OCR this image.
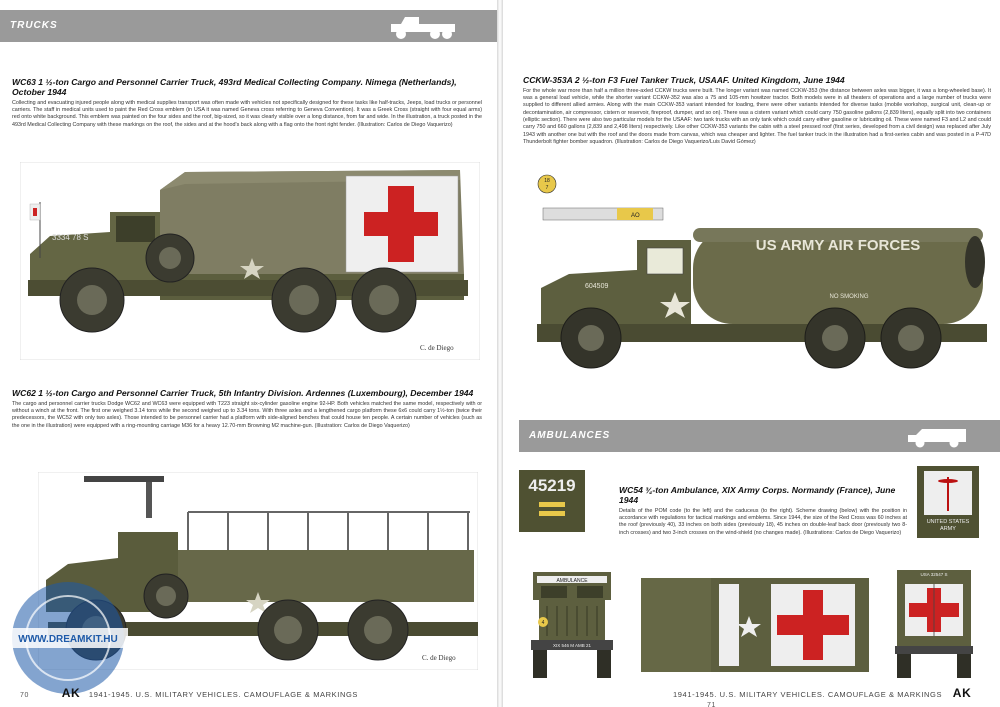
TRUCKS

WC63 1 ½-ton Cargo and Personnel Carrier Truck, 493rd Medical Collecting Company. Nimega (Netherlands), October 1944

Collecting and evacuating injured people along with medical supplies transport was often made with vehicles not specifically designed for these tasks like half-tracks, Jeeps, load trucks or personnel carriers. The staff in medical units used to paint the Red Cross emblem (in USA it was named Geneva cross referring to Geneva Convention). It was a Greek Cross (straight with four equal arms) red onto white background. This emblem was painted on the four sides and the roof, big-sized, so it was clearly visible over a long distance, from far and wide. In the illustration, a truck posted in the 493rd Medical Collecting Company with these markings on the roof, the sides and at the hood's back along with a flag onto the front right fender. (Illustration: Carlos de Diego Vaquerizo)

3334 78 S
C. de Diego

WC62 1 ½-ton Cargo and Personnel Carrier Truck, 5th Infantry Division. Ardennes (Luxembourg), December 1944

The cargo and personnel carrier trucks Dodge WC62 and WC63 were equipped with T223 straight six-cylinder gasoline engine 92-HP. Both vehicles matched the same model, respectively with or without a winch at the front. The first one weighed 3.14 tons while the second weighed up to 3.34 tons. With three axles and a lengthened cargo platform these 6x6 could carry 1½-ton (twice their predecessors, the WC52 with only two axles). Those intended to be personnel carrier had a platform with side-aligned benches that could house ten people. A certain number of vehicles (such as the one in the illustration) were equipped with a ring-mounting carriage M36 for a heavy 12.70-mm Browning M2 machine-gun. (Illustration: Carlos de Diego Vaquerizo)

C. de Diego
WWW.DREAMKIT.HU
70	AK 1941-1945. U.S. MILITARY VEHICLES. CAMOUFLAGE & MARKINGS

CCKW-353A 2 ½-ton F3 Fuel Tanker Truck, USAAF. United Kingdom, June 1944

For the whole war more than half a million three-axled CCKW trucks were built. The longer variant was named CCKW-353 (the distance between axles was bigger, it was a long-wheeled base). It was a general load vehicle, while the shorter variant CCKW-352 was also a 75 and 105-mm howitzer tractor. Both models were in all theaters of operations and a large number of trucks were supplied to different allied armies. Along with the main CCKW-353 variant intended for loading, there were other variants intended for diverse tasks (mobile workshop, surgical unit, clean-up or decontamination, air compressor, cistern or reservoir, fireproof, dumper, and so on). There was a cistern variant which could carry 750 gasoline gallons (2,839 liters), equally split into two containers (elliptic section). There were also two particular models for the USAAF: two tank trucks with an only tank which could carry either gasoline or lubricating oil. These were named F3 and L2 and could carry 750 and 660 gallons (2,839 and 2,498 liters) respectively. Like other CCKW-353 variants the cabin with a steel pressed roof (first series, developed from a civil design) was replaced after July 1943 with another one but with the roof and the doors made from canvas, which was cheaper and lighter. The fuel tanker truck in the illustration had a first-series cabin and was posted in a P-47D Thunderbolt fighter bomber squadron. (Illustration: Carlos de Diego Vaquerizo/Luis David Gómez)

18
7
AO
US ARMY AIR FORCES
NO SMOKING
604509
AMBULANCES
45219	WC54 ¾-ton Ambulance, XIX Army Corps. Normandy (France), June 1944

Details of the POM code (to the left) and the caduceus (to the right). Scheme drawing (below) with the position in accordance with regulations for tactical markings and emblems. Since 1944, the size of the Red Cross was 60 inches at the roof (previously 40), 33 inches on both sides (previously 18), 45 inches on double-leaf back door (previously two 8-inch crosses) and two 3-inch crosses on the wind-shield (no changes made). (Illustrations: Carlos de Diego Vaquerizo)

UNITED STATES
ARMY
AMBULANCE
4
XIX 546 M AMB 21
USA 32547 S
1941-1945. U.S. MILITARY VEHICLES. CAMOUFLAGE & MARKINGS AK 71
